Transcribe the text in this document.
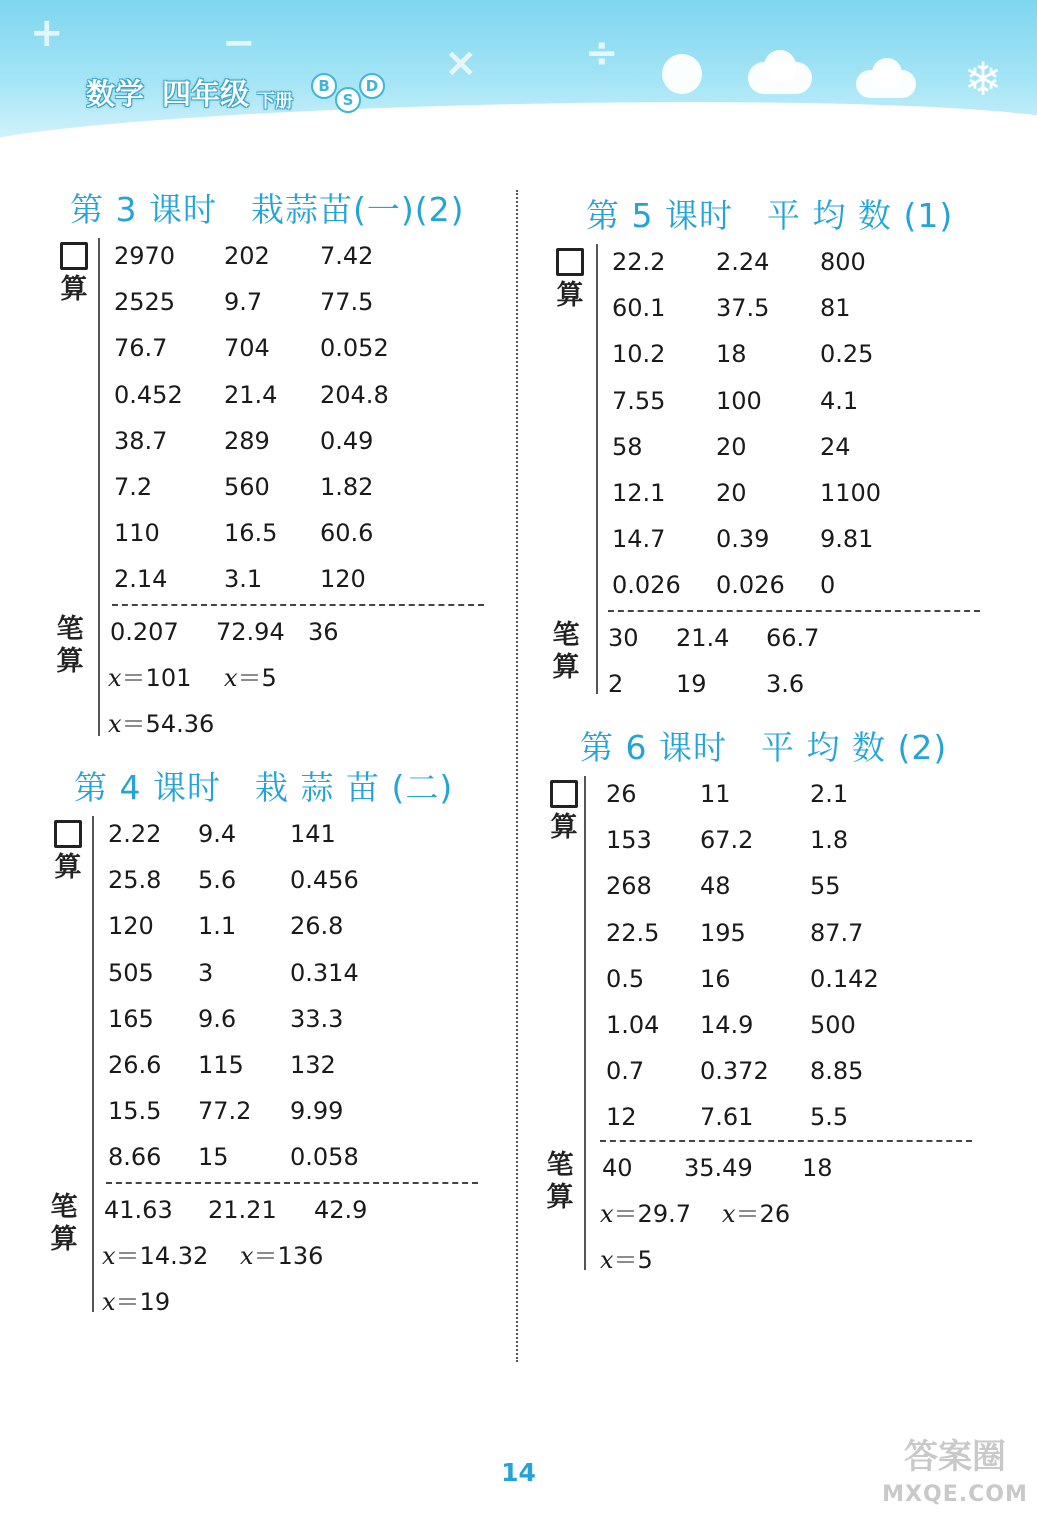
+	−	×	÷	❄
数学 四年级 下册
B
S
D
第 3 课时　栽蒜苗(一)(2)
算
2970 202 7.42
2525 9.7 77.5
76.7 704 0.052
0.452 21.4 204.8
38.7 289 0.49
7.2	560 1.82
110	16.5 60.6
2.14 3.1 120
笔
算
0.207 72.94 36
x＝101 x＝5
x＝54.36
第 4 课时　栽 蒜 苗 (二)
算
2.22 9.4 141
25.8 5.6 0.456
120 1.1 26.8
505 3	0.314
165 9.6 33.3
26.6 115 132
15.5 77.2 9.99
8.66 15	0.058
笔
算
41.63 21.21 42.9
x＝14.32 x＝136
x＝19
第 5 课时　平 均 数 (1)
算
22.2 2.24 800
60.1 37.5 81
10.2 18	0.25
7.55 100 4.1
58	20	24
12.1 20	1100
14.7 0.39 9.81
0.026 0.026 0
笔
算
30 21.4 66.7
2 19 3.6
第 6 课时　平 均 数 (2)
算
26	11	2.1
153 67.2 1.8
268 48	55
22.5 195	87.7
0.5 16	0.142
1.04 14.9 500
0.7 0.372 8.85
12	7.61 5.5
笔
算
40 35.49 18
x＝29.7 x＝26
x＝5
14	答案圈
MXQE.COM
